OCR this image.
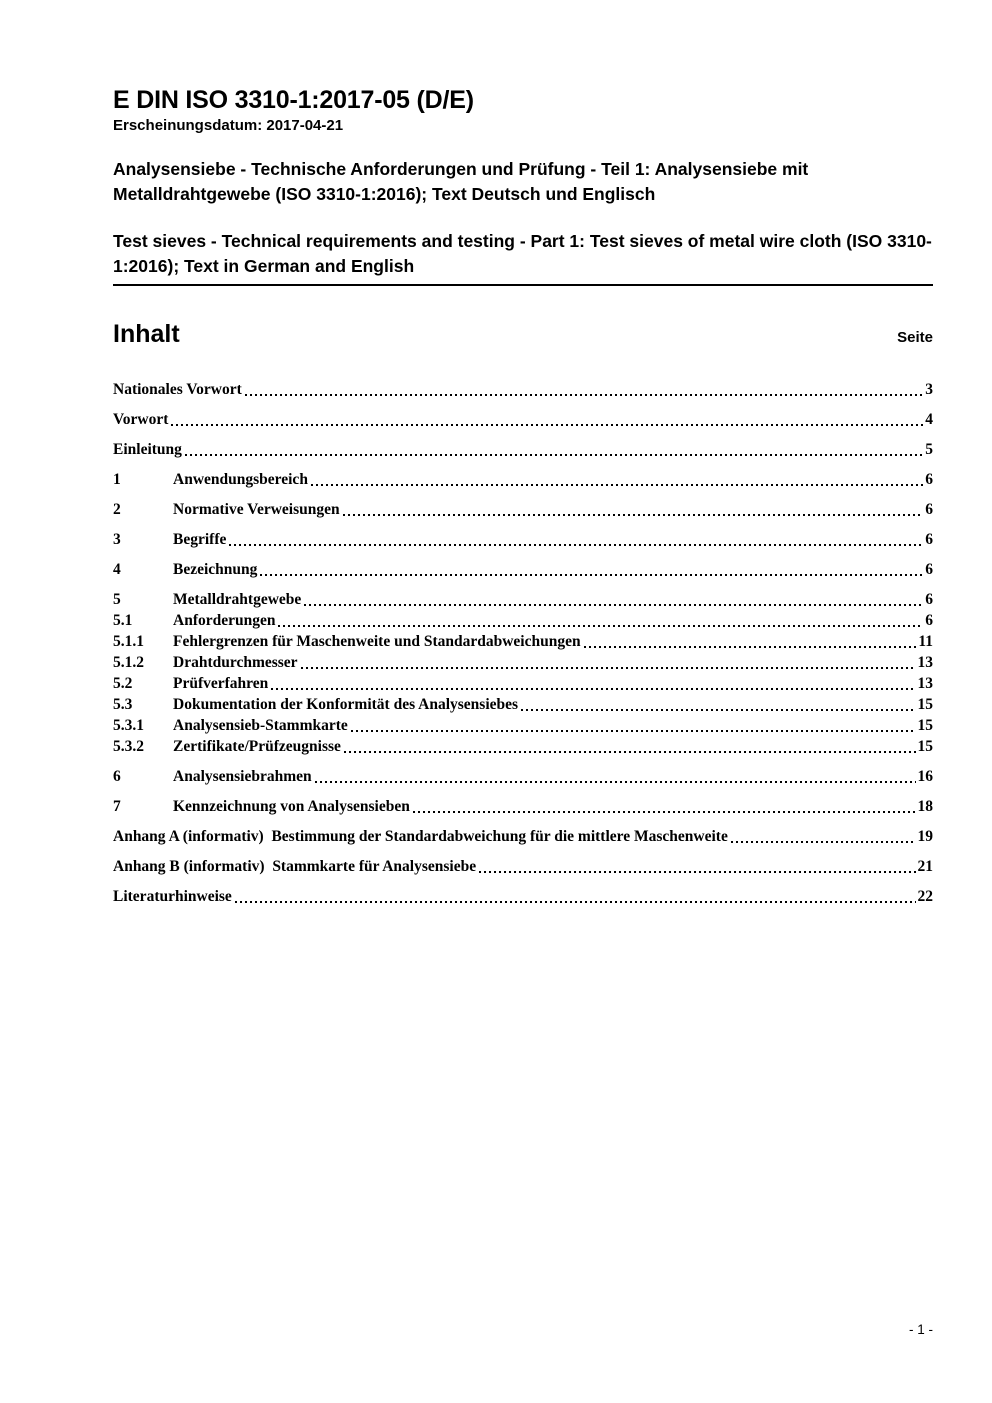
E DIN ISO 3310-1:2017-05 (D/E)
Erscheinungsdatum: 2017-04-21

Analysensiebe - Technische Anforderungen und Prüfung - Teil 1: Analysensiebe mit Metalldrahtgewebe (ISO 3310-1:2016); Text Deutsch und Englisch

Test sieves - Technical requirements and testing - Part 1: Test sieves of metal wire cloth (ISO 3310-1:2016); Text in German and English

Inhalt	Seite
Nationales Vorwort	3
Vorwort	4
Einleitung	5
1	Anwendungsbereich	6
2	Normative Verweisungen	6
3	Begriffe	6
4	Bezeichnung	6
5	Metalldrahtgewebe	6
5.1	Anforderungen	6
5.1.1	Fehlergrenzen für Maschenweite und Standardabweichungen	11
5.1.2	Drahtdurchmesser	13
5.2	Prüfverfahren	13
5.3	Dokumentation der Konformität des Analysensiebes	15
5.3.1	Analysensieb-Stammkarte	15
5.3.2	Zertifikate/Prüfzeugnisse	15
6	Analysensiebrahmen	16
7	Kennzeichnung von Analysensieben	18
Anhang A (informativ)  Bestimmung der Standardabweichung für die mittlere Maschenweite	19
Anhang B (informativ)  Stammkarte für Analysensiebe	21
Literaturhinweise	22
- 1 -
